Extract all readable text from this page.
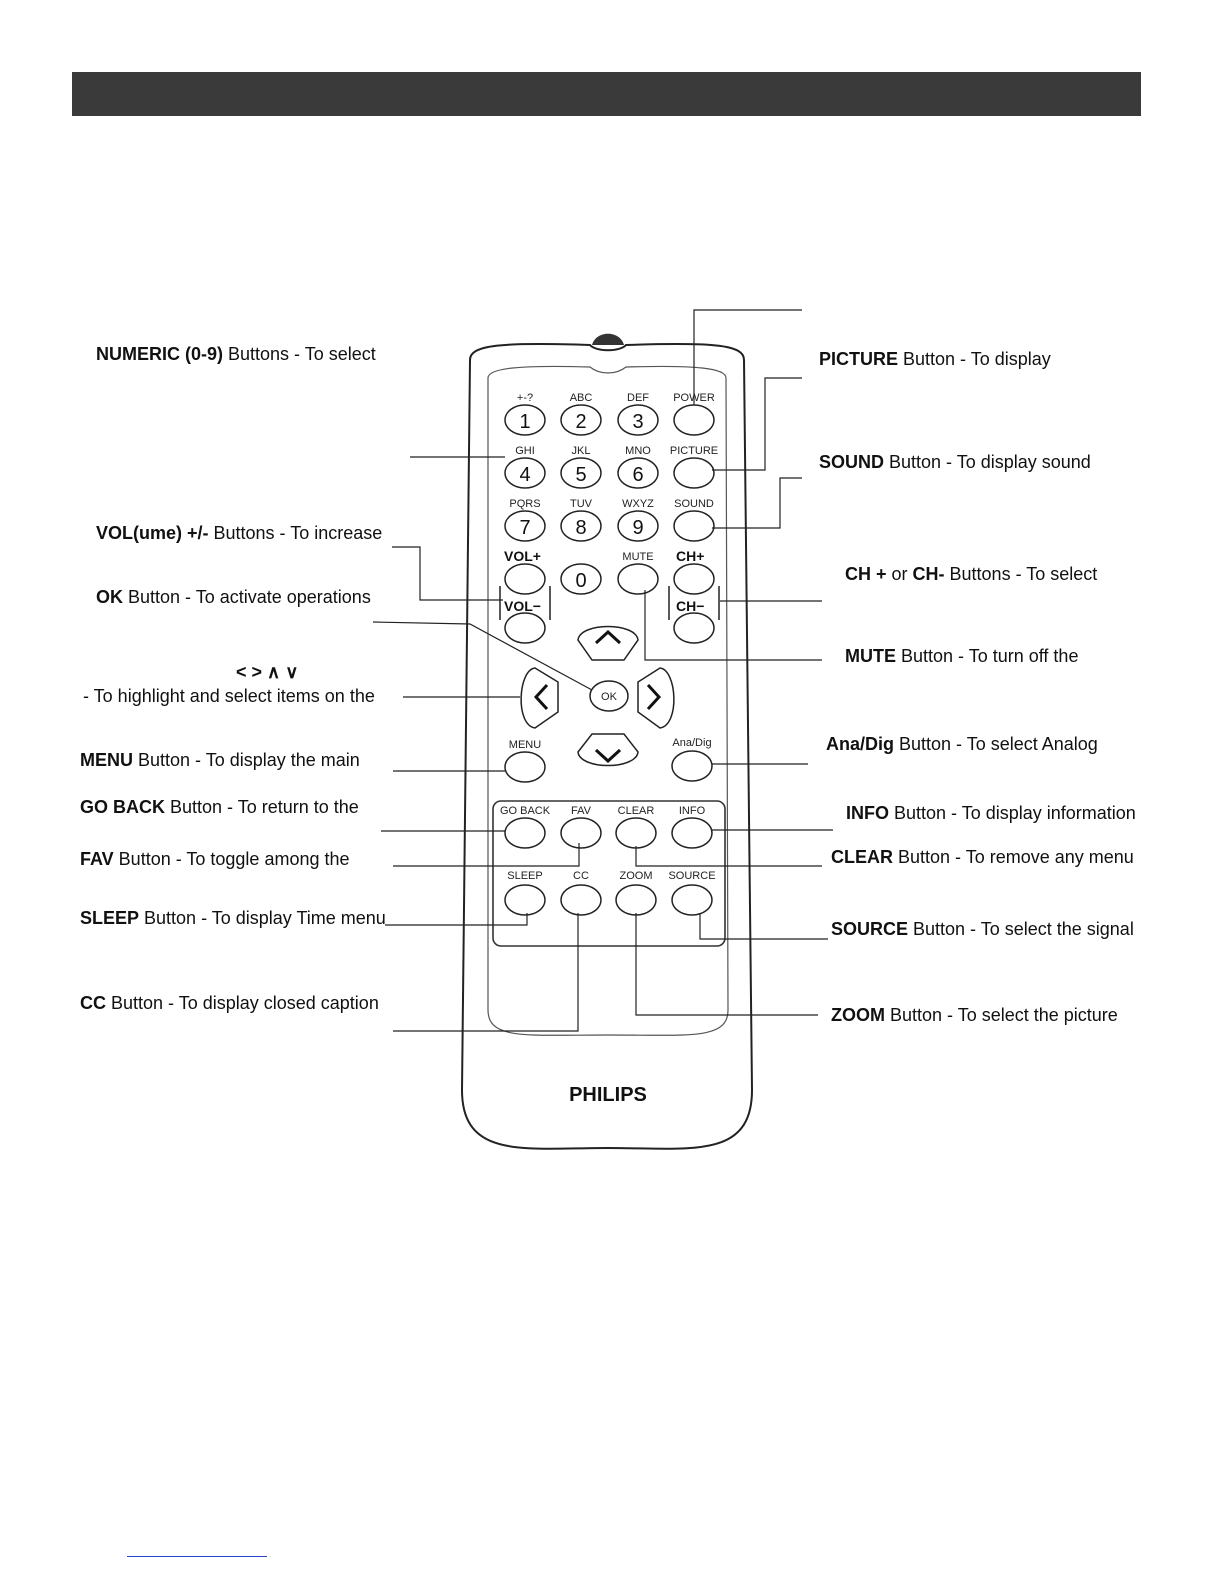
+-?
1
ABC
2
DEF
3
POWER
GHI
4
JKL
5
MNO
6
PICTURE
PQRS
7
TUV
8
WXYZ
9
SOUND
VOL+
VOL−
0
MUTE CH+
CH−
OK
MENU	Ana/Dig
GO BACK FAV CLEAR INFO
SLEEP	CC	ZOOM SOURCE
PHILIPS
NUMERIC (0-9) Buttons - To select
VOL(ume) +/- Buttons - To increase
OK Button - To activate operations
< > ∧ ∨
- To highlight and select items on the
MENU Button - To display the main
GO BACK Button - To return to the
FAV Button - To toggle among the
SLEEP Button - To display Time menu
CC Button - To display closed caption
PICTURE Button - To display
SOUND Button - To display sound
CH + or CH- Buttons - To select
MUTE Button - To turn off the
Ana/Dig Button - To select Analog
INFO Button - To display information
CLEAR Button - To remove any menu
SOURCE Button - To select the signal
ZOOM Button - To select the picture
